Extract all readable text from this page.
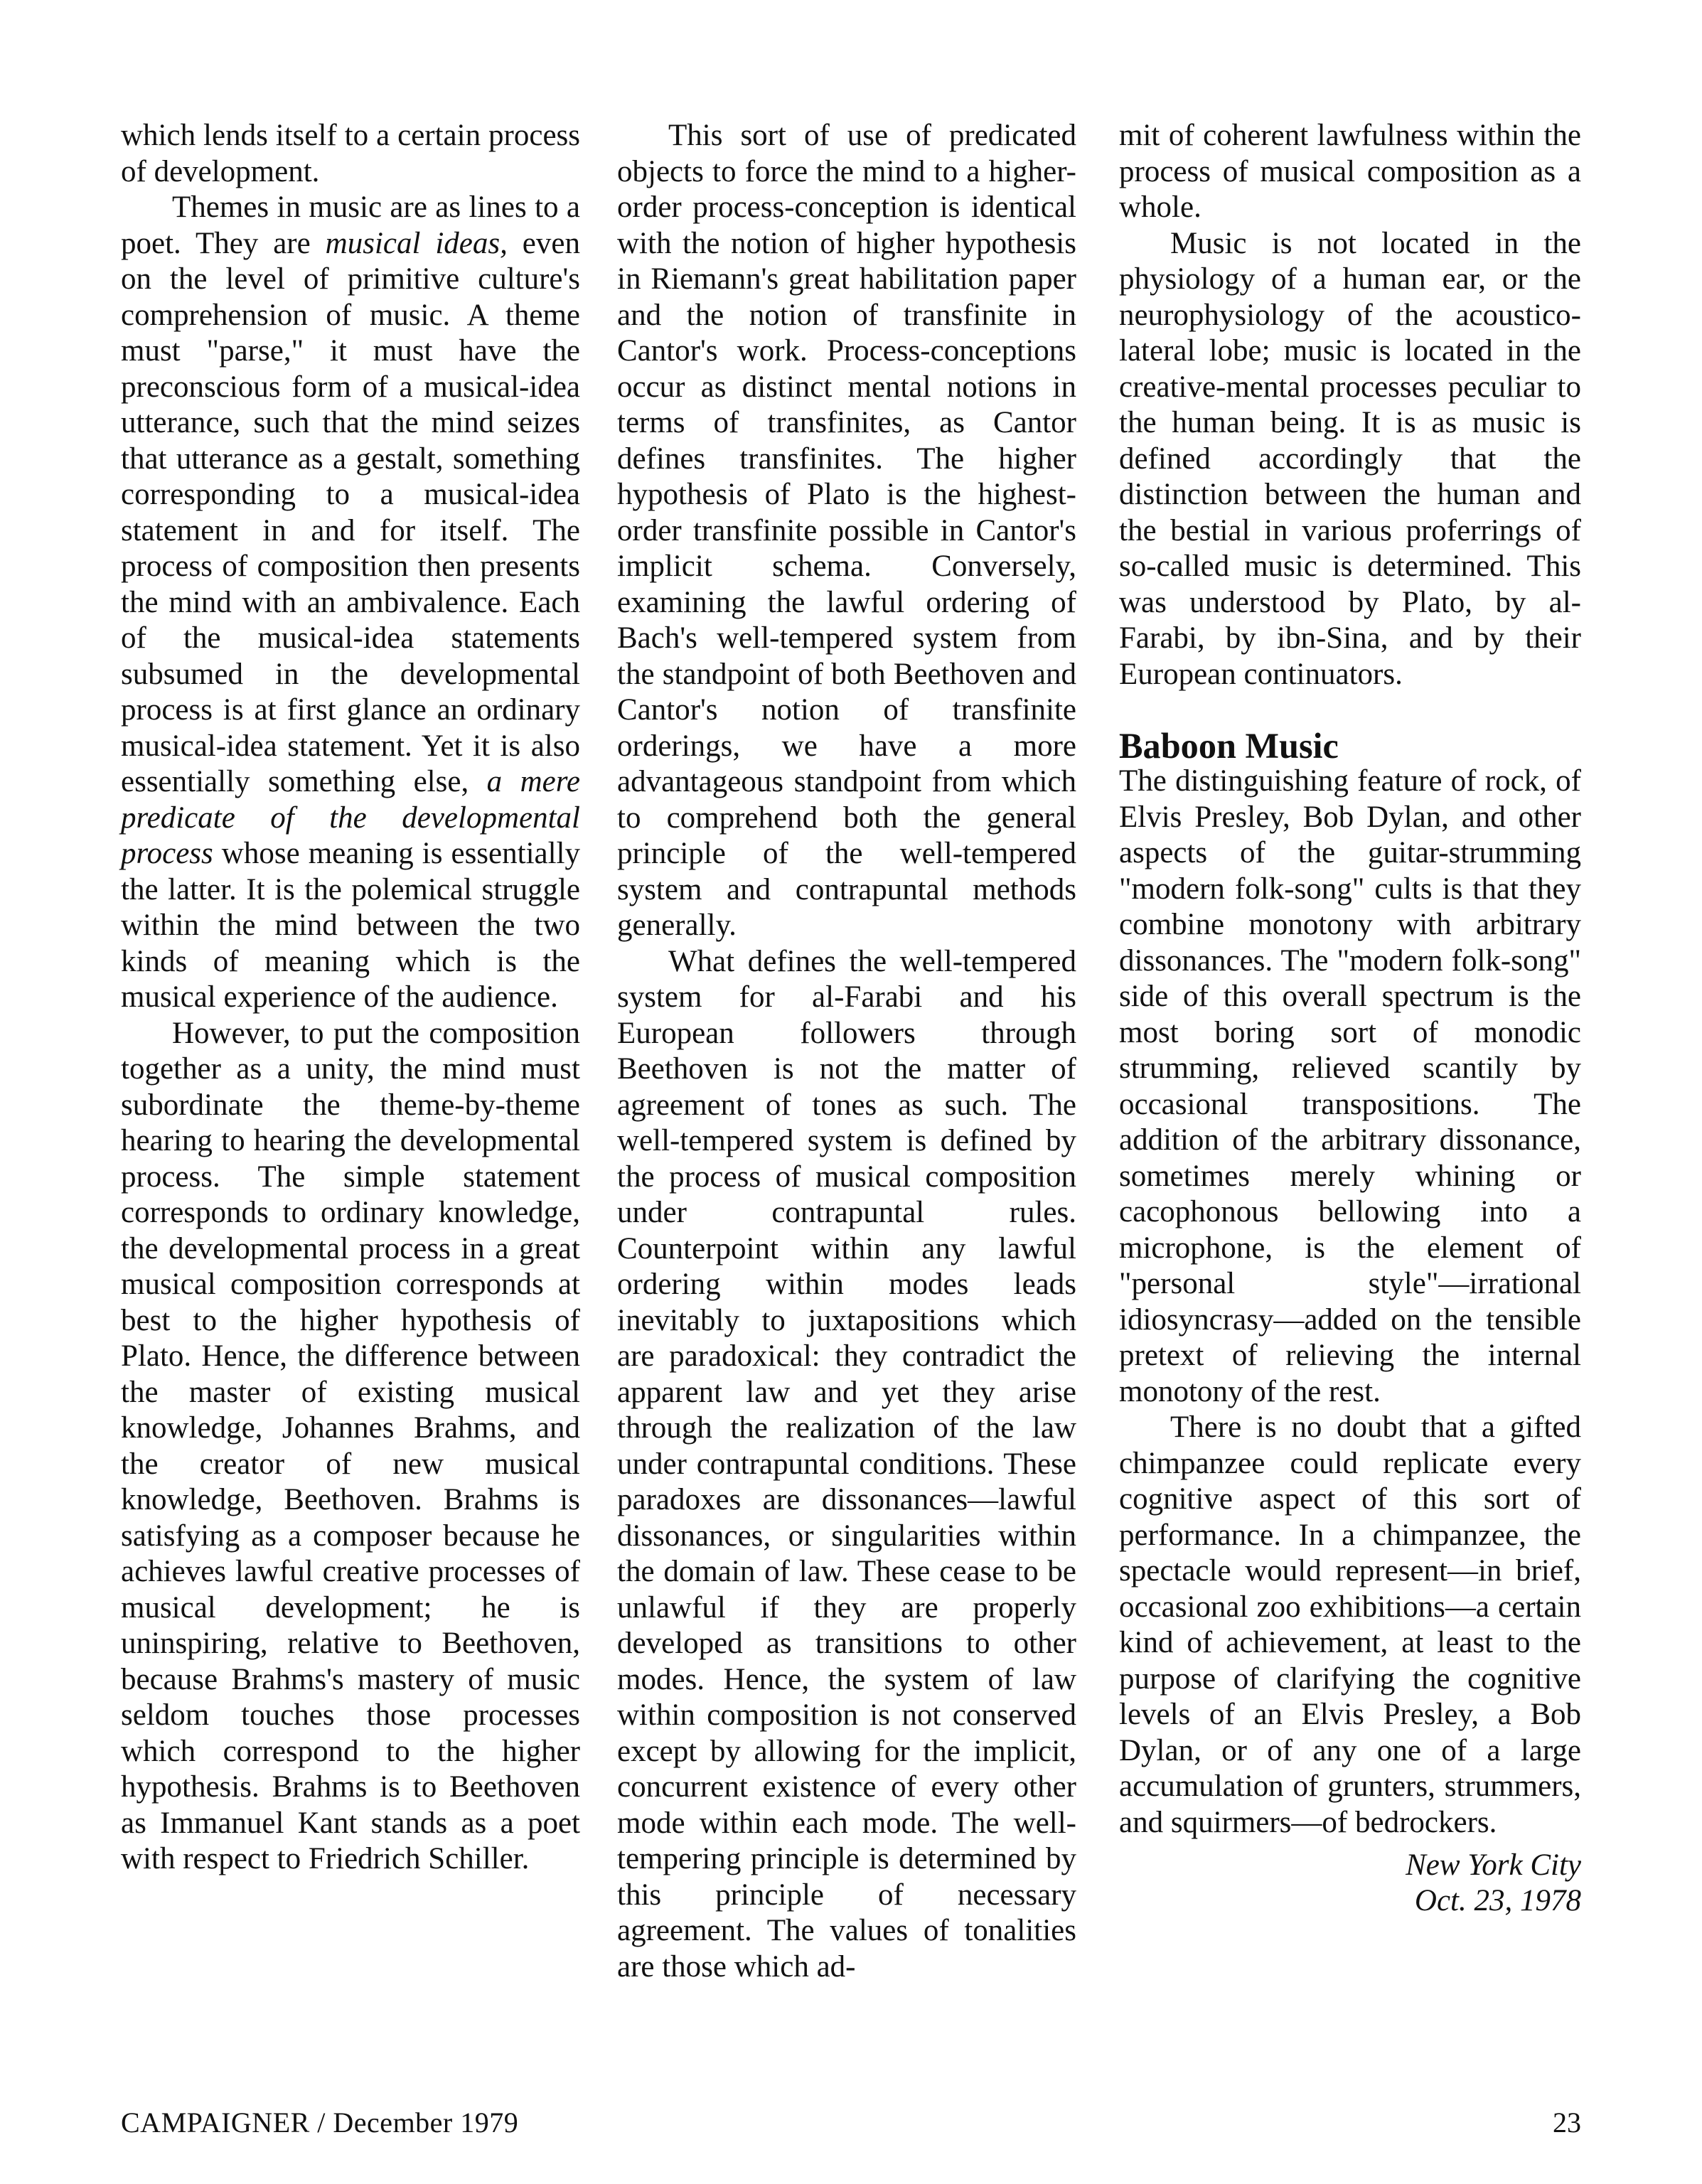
which lends itself to a certain process of development.

Themes in music are as lines to a poet. They are musical ideas, even on the level of primitive culture's comprehension of music. A theme must "parse," it must have the preconscious form of a musical-idea utterance, such that the mind seizes that utterance as a gestalt, something corresponding to a musical-idea statement in and for itself. The process of composition then presents the mind with an ambivalence. Each of the musical-idea statements subsumed in the developmental process is at first glance an ordinary musical-idea statement. Yet it is also essentially something else, a mere predicate of the developmental process whose meaning is essentially the latter. It is the polemical struggle within the mind between the two kinds of meaning which is the musical experience of the audience.

However, to put the composition together as a unity, the mind must subordinate the theme-by-theme hearing to hearing the developmental process. The simple statement corresponds to ordinary knowledge, the developmental process in a great musical composition corresponds at best to the higher hypothesis of Plato. Hence, the difference between the master of existing musical knowledge, Johannes Brahms, and the creator of new musical knowledge, Beethoven. Brahms is satisfying as a composer because he achieves lawful creative processes of musical development; he is uninspiring, relative to Beethoven, because Brahms's mastery of music seldom touches those processes which correspond to the higher hypothesis. Brahms is to Beethoven as Immanuel Kant stands as a poet with respect to Friedrich Schiller.

This sort of use of predicated objects to force the mind to a higher-order process-conception is identical with the notion of higher hypothesis in Riemann's great habilitation paper and the notion of transfinite in Cantor's work. Process-conceptions occur as distinct mental notions in terms of transfinites, as Cantor defines transfinites. The higher hypothesis of Plato is the highest-order transfinite possible in Cantor's implicit schema. Conversely, examining the lawful ordering of Bach's well-tempered system from the standpoint of both Beethoven and Cantor's notion of transfinite orderings, we have a more advantageous standpoint from which to comprehend both the general principle of the well-tempered system and contrapuntal methods generally.

What defines the well-tempered system for al-Farabi and his European followers through Beethoven is not the matter of agreement of tones as such. The well-tempered system is defined by the process of musical composition under contrapuntal rules. Counterpoint within any lawful ordering within modes leads inevitably to juxtapositions which are paradoxical: they contradict the apparent law and yet they arise through the realization of the law under contrapuntal conditions. These paradoxes are dissonances—lawful dissonances, or singularities within the domain of law. These cease to be unlawful if they are properly developed as transitions to other modes. Hence, the system of law within composition is not conserved except by allowing for the implicit, concurrent existence of every other mode within each mode. The well-tempering principle is determined by this principle of necessary agreement. The values of tonalities are those which ad-

mit of coherent lawfulness within the process of musical composition as a whole.

Music is not located in the physiology of a human ear, or the neurophysiology of the acoustico-lateral lobe; music is located in the creative-mental processes peculiar to the human being. It is as music is defined accordingly that the distinction between the human and the bestial in various proferrings of so-called music is determined. This was understood by Plato, by al-Farabi, by ibn-Sina, and by their European continuators.

Baboon Music

The distinguishing feature of rock, of Elvis Presley, Bob Dylan, and other aspects of the guitar-strumming "modern folk-song" cults is that they combine monotony with arbitrary dissonances. The "modern folk-song" side of this overall spectrum is the most boring sort of monodic strumming, relieved scantily by occasional transpositions. The addition of the arbitrary dissonance, sometimes merely whining or cacophonous bellowing into a microphone, is the element of "personal style"—irrational idiosyncrasy—added on the tensible pretext of relieving the internal monotony of the rest.

There is no doubt that a gifted chimpanzee could replicate every cognitive aspect of this sort of performance. In a chimpanzee, the spectacle would represent—in brief, occasional zoo exhibitions—a certain kind of achievement, at least to the purpose of clarifying the cognitive levels of an Elvis Presley, a Bob Dylan, or of any one of a large accumulation of grunters, strummers, and squirmers—of bedrockers.

New York City
Oct. 23, 1978
CAMPAIGNER / December 1979	23
